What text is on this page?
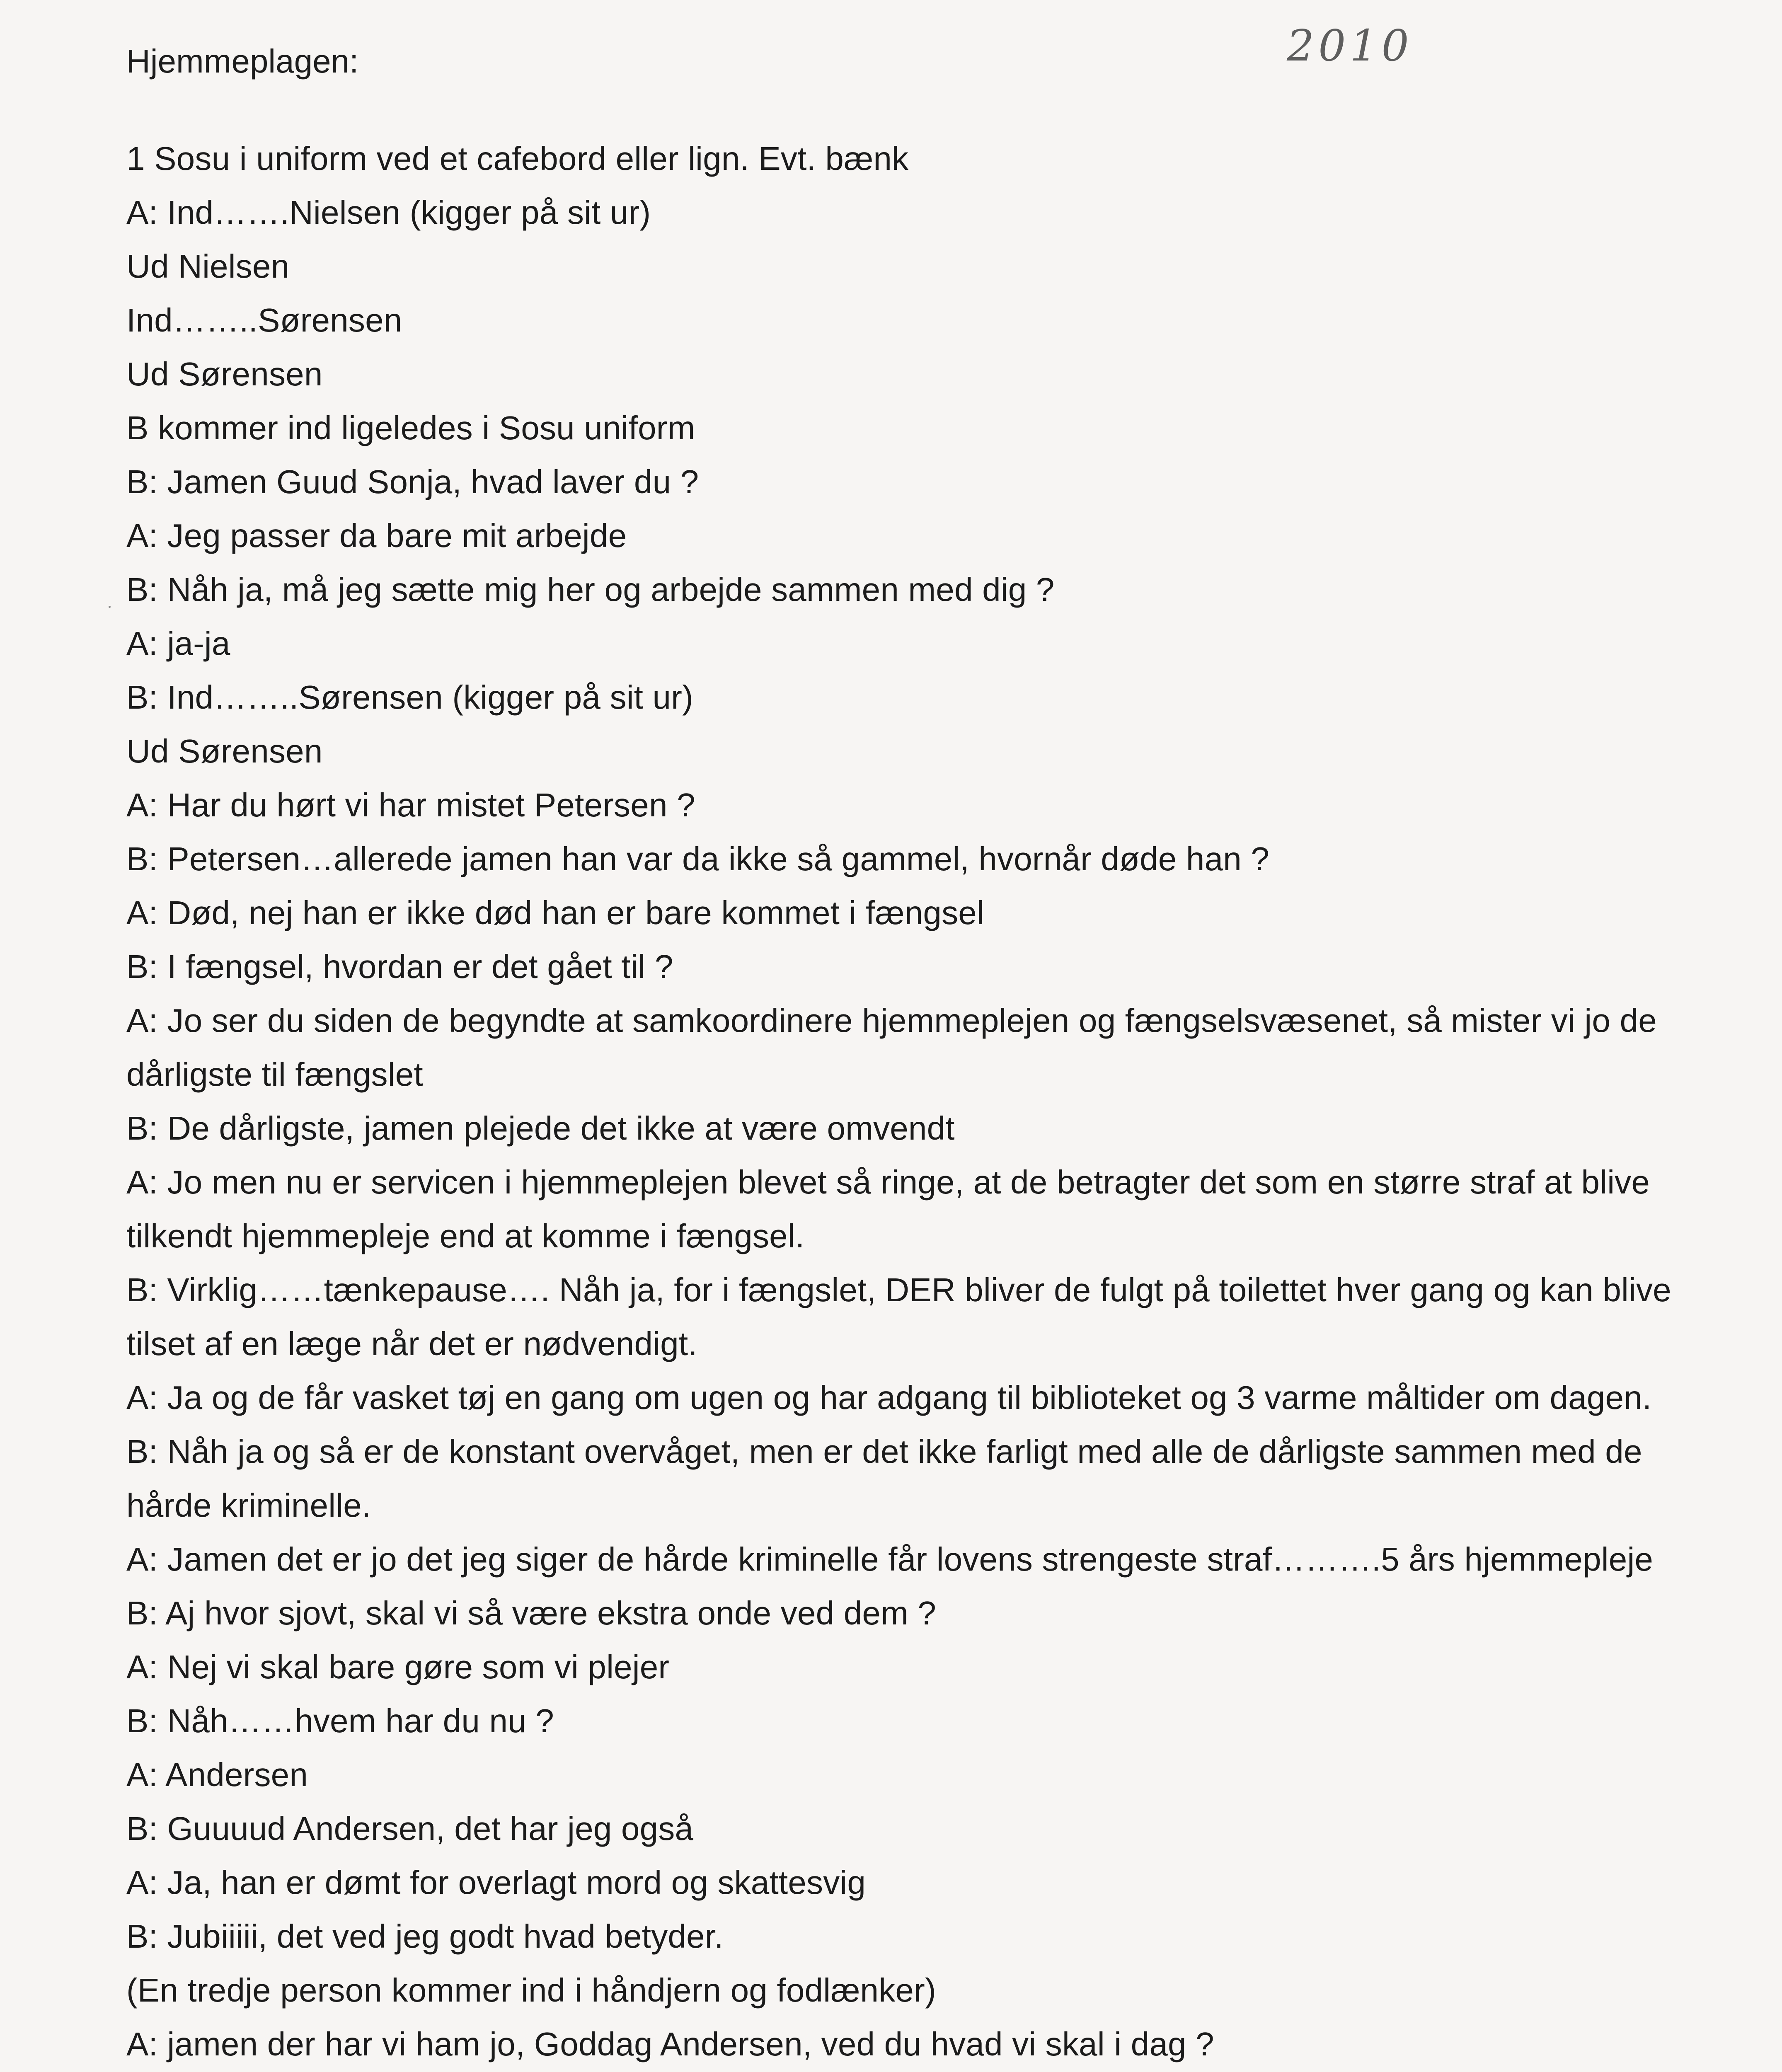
Hjemmeplagen:	2010

1 Sosu i uniform ved et cafebord eller lign. Evt. bænk

A: Ind…….Nielsen (kigger på sit ur)

Ud Nielsen

Ind……..Sørensen

Ud Sørensen

B kommer ind ligeledes i Sosu uniform

B: Jamen Guud Sonja, hvad laver du ?

A: Jeg passer da bare mit arbejde

B: Nåh ja, må jeg sætte mig her og arbejde sammen med dig ?

A: ja-ja

B: Ind……..Sørensen (kigger på sit ur)

Ud Sørensen

A: Har du hørt vi har mistet Petersen ?

B: Petersen…allerede jamen han var da ikke så gammel, hvornår døde han ?

A: Død, nej han er ikke død han er bare kommet i fængsel

B: I fængsel, hvordan er det gået til ?

A: Jo ser du siden de begyndte at samkoordinere hjemmeplejen og fængselsvæsenet, så mister vi jo de

dårligste til fængslet

B: De dårligste, jamen plejede det ikke at være omvendt

A: Jo men nu er servicen i hjemmeplejen blevet så ringe, at de betragter det som en større straf at blive

tilkendt hjemmepleje end at komme i fængsel.

B: Virklig……tænkepause…. Nåh ja, for i fængslet, DER bliver de fulgt på toilettet hver gang og kan blive

tilset af en læge når det er nødvendigt.

A: Ja og de får vasket tøj en gang om ugen og har adgang til biblioteket og 3 varme måltider om dagen.

B: Nåh ja og så er de konstant overvåget, men er det ikke farligt med alle de dårligste sammen med de

hårde kriminelle.

A: Jamen det er jo det jeg siger de hårde kriminelle får lovens strengeste straf……….5 års hjemmepleje

B: Aj hvor sjovt, skal vi så være ekstra onde ved dem ?

A: Nej vi skal bare gøre som vi plejer

B: Nåh……hvem har du nu ?

A: Andersen

B: Guuuud Andersen, det har jeg også

A: Ja, han er dømt for overlagt mord og skattesvig

B: Jubiiiii, det ved jeg godt hvad betyder.

(En tredje person kommer ind i håndjern og fodlænker)

A: jamen der har vi ham jo, Goddag Andersen, ved du hvad vi skal i dag ?
